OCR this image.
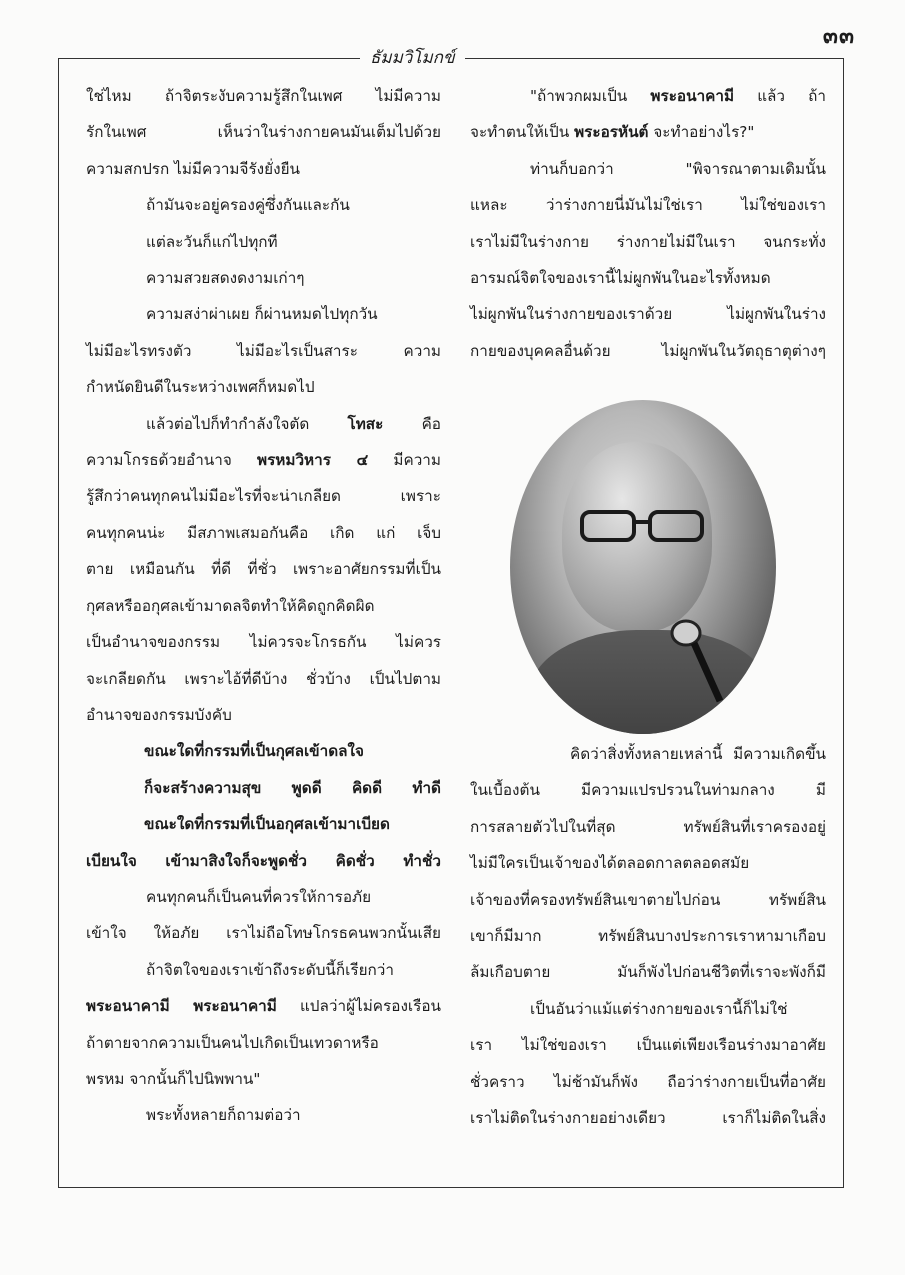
๓๓
ธัมมวิโมกข์
ใช่ไหม ถ้าจิตระงับความรู้สึกในเพศ ไม่มีความ
รักในเพศ เห็นว่าในร่างกายคนมันเต็มไปด้วย
ความสกปรก ไม่มีความจีรังยั่งยืน
ถ้ามันจะอยู่ครองคู่ซึ่งกันและกัน
แต่ละวันก็แก่ไปทุกที
ความสวยสดงดงามเก่าๆ
ความสง่าผ่าเผย ก็ผ่านหมดไปทุกวัน
ไม่มีอะไรทรงตัว ไม่มีอะไรเป็นสาระ ความ
กำหนัดยินดีในระหว่างเพศก็หมดไป
แล้วต่อไปก็ทำกำลังใจตัด โทสะ คือ
ความโกรธด้วยอำนาจ พรหมวิหาร ๔ มีความ
รู้สึกว่าคนทุกคนไม่มีอะไรที่จะน่าเกลียด เพราะ
คนทุกคนน่ะ มีสภาพเสมอกันคือ เกิด แก่ เจ็บ
ตาย เหมือนกัน ที่ดี ที่ชั่ว เพราะอาศัยกรรมที่เป็น
กุศลหรืออกุศลเข้ามาดลจิตทำให้คิดถูกคิดผิด
เป็นอำนาจของกรรม ไม่ควรจะโกรธกัน ไม่ควร
จะเกลียดกัน เพราะไอ้ที่ดีบ้าง ชั่วบ้าง เป็นไปตาม
อำนาจของกรรมบังคับ
ขณะใดที่กรรมที่เป็นกุศลเข้าดลใจ
ก็จะสร้างความสุข พูดดี คิดดี ทำดี
ขณะใดที่กรรมที่เป็นอกุศลเข้ามาเบียด
เบียนใจ เข้ามาสิงใจก็จะพูดชั่ว คิดชั่ว ทำชั่ว
คนทุกคนก็เป็นคนที่ควรให้การอภัย
เข้าใจ ให้อภัย เราไม่ถือโทษโกรธคนพวกนั้นเสีย
ถ้าจิตใจของเราเข้าถึงระดับนี้ก็เรียกว่า
พระอนาคามี พระอนาคามี แปลว่าผู้ไม่ครองเรือน
ถ้าตายจากความเป็นคนไปเกิดเป็นเทวดาหรือ
พรหม จากนั้นก็ไปนิพพาน"
พระทั้งหลายก็ถามต่อว่า
"ถ้าพวกผมเป็น พระอนาคามี แล้ว ถ้า
จะทำตนให้เป็น พระอรหันต์ จะทำอย่างไร?"
ท่านก็บอกว่า "พิจารณาตามเดิมนั้น
แหละ ว่าร่างกายนี่มันไม่ใช่เรา ไม่ใช่ของเรา
เราไม่มีในร่างกาย ร่างกายไม่มีในเรา จนกระทั่ง
อารมณ์จิตใจของเรานี้ไม่ผูกพันในอะไรทั้งหมด
ไม่ผูกพันในร่างกายของเราด้วย ไม่ผูกพันในร่าง
กายของบุคคลอื่นด้วย ไม่ผูกพันในวัตถุธาตุต่างๆ
คิดว่าสิ่งทั้งหลายเหล่านี้ มีความเกิดขึ้น
ในเบื้องต้น มีความแปรปรวนในท่ามกลาง มี
การสลายตัวไปในที่สุด ทรัพย์สินที่เราครองอยู่
ไม่มีใครเป็นเจ้าของได้ตลอดกาลตลอดสมัย
เจ้าของที่ครองทรัพย์สินเขาตายไปก่อน ทรัพย์สิน
เขาก็มีมาก ทรัพย์สินบางประการเราหามาเกือบ
ล้มเกือบตาย มันก็พังไปก่อนชีวิตที่เราจะพังก็มี
เป็นอันว่าแม้แต่ร่างกายของเรานี้ก็ไม่ใช่
เรา ไม่ใช่ของเรา เป็นแต่เพียงเรือนร่างมาอาศัย
ชั่วคราว ไม่ช้ามันก็พัง ถือว่าร่างกายเป็นที่อาศัย
เราไม่ติดในร่างกายอย่างเดียว เราก็ไม่ติดในสิ่ง
